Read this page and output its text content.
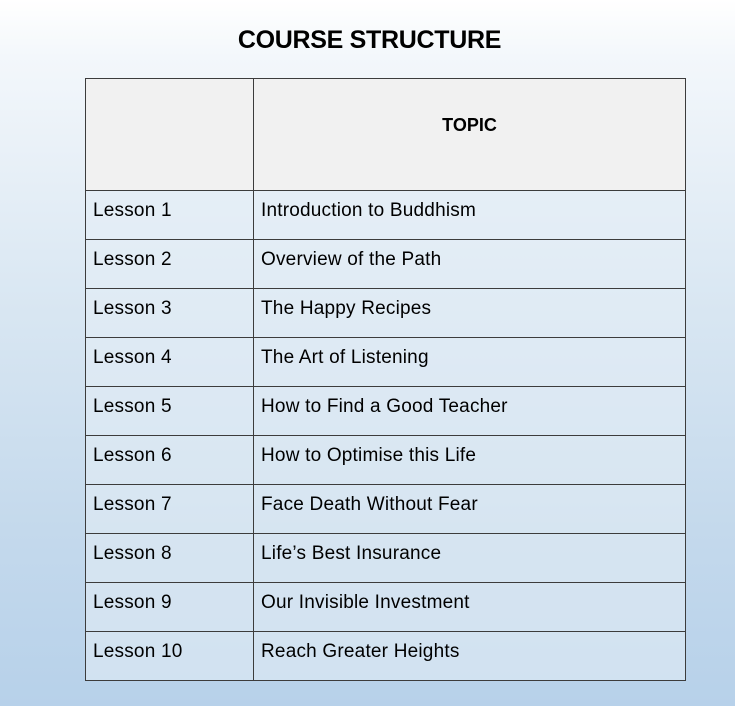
COURSE STRUCTURE
	TOPIC
Lesson 1	Introduction to Buddhism
Lesson 2	Overview of the Path
Lesson 3	The Happy Recipes
Lesson 4	The Art of Listening
Lesson 5	How to Find a Good Teacher
Lesson 6	How to Optimise this Life
Lesson 7	Face Death Without Fear
Lesson 8	Life’s Best Insurance
Lesson 9	Our Invisible Investment
Lesson 10	Reach Greater Heights
